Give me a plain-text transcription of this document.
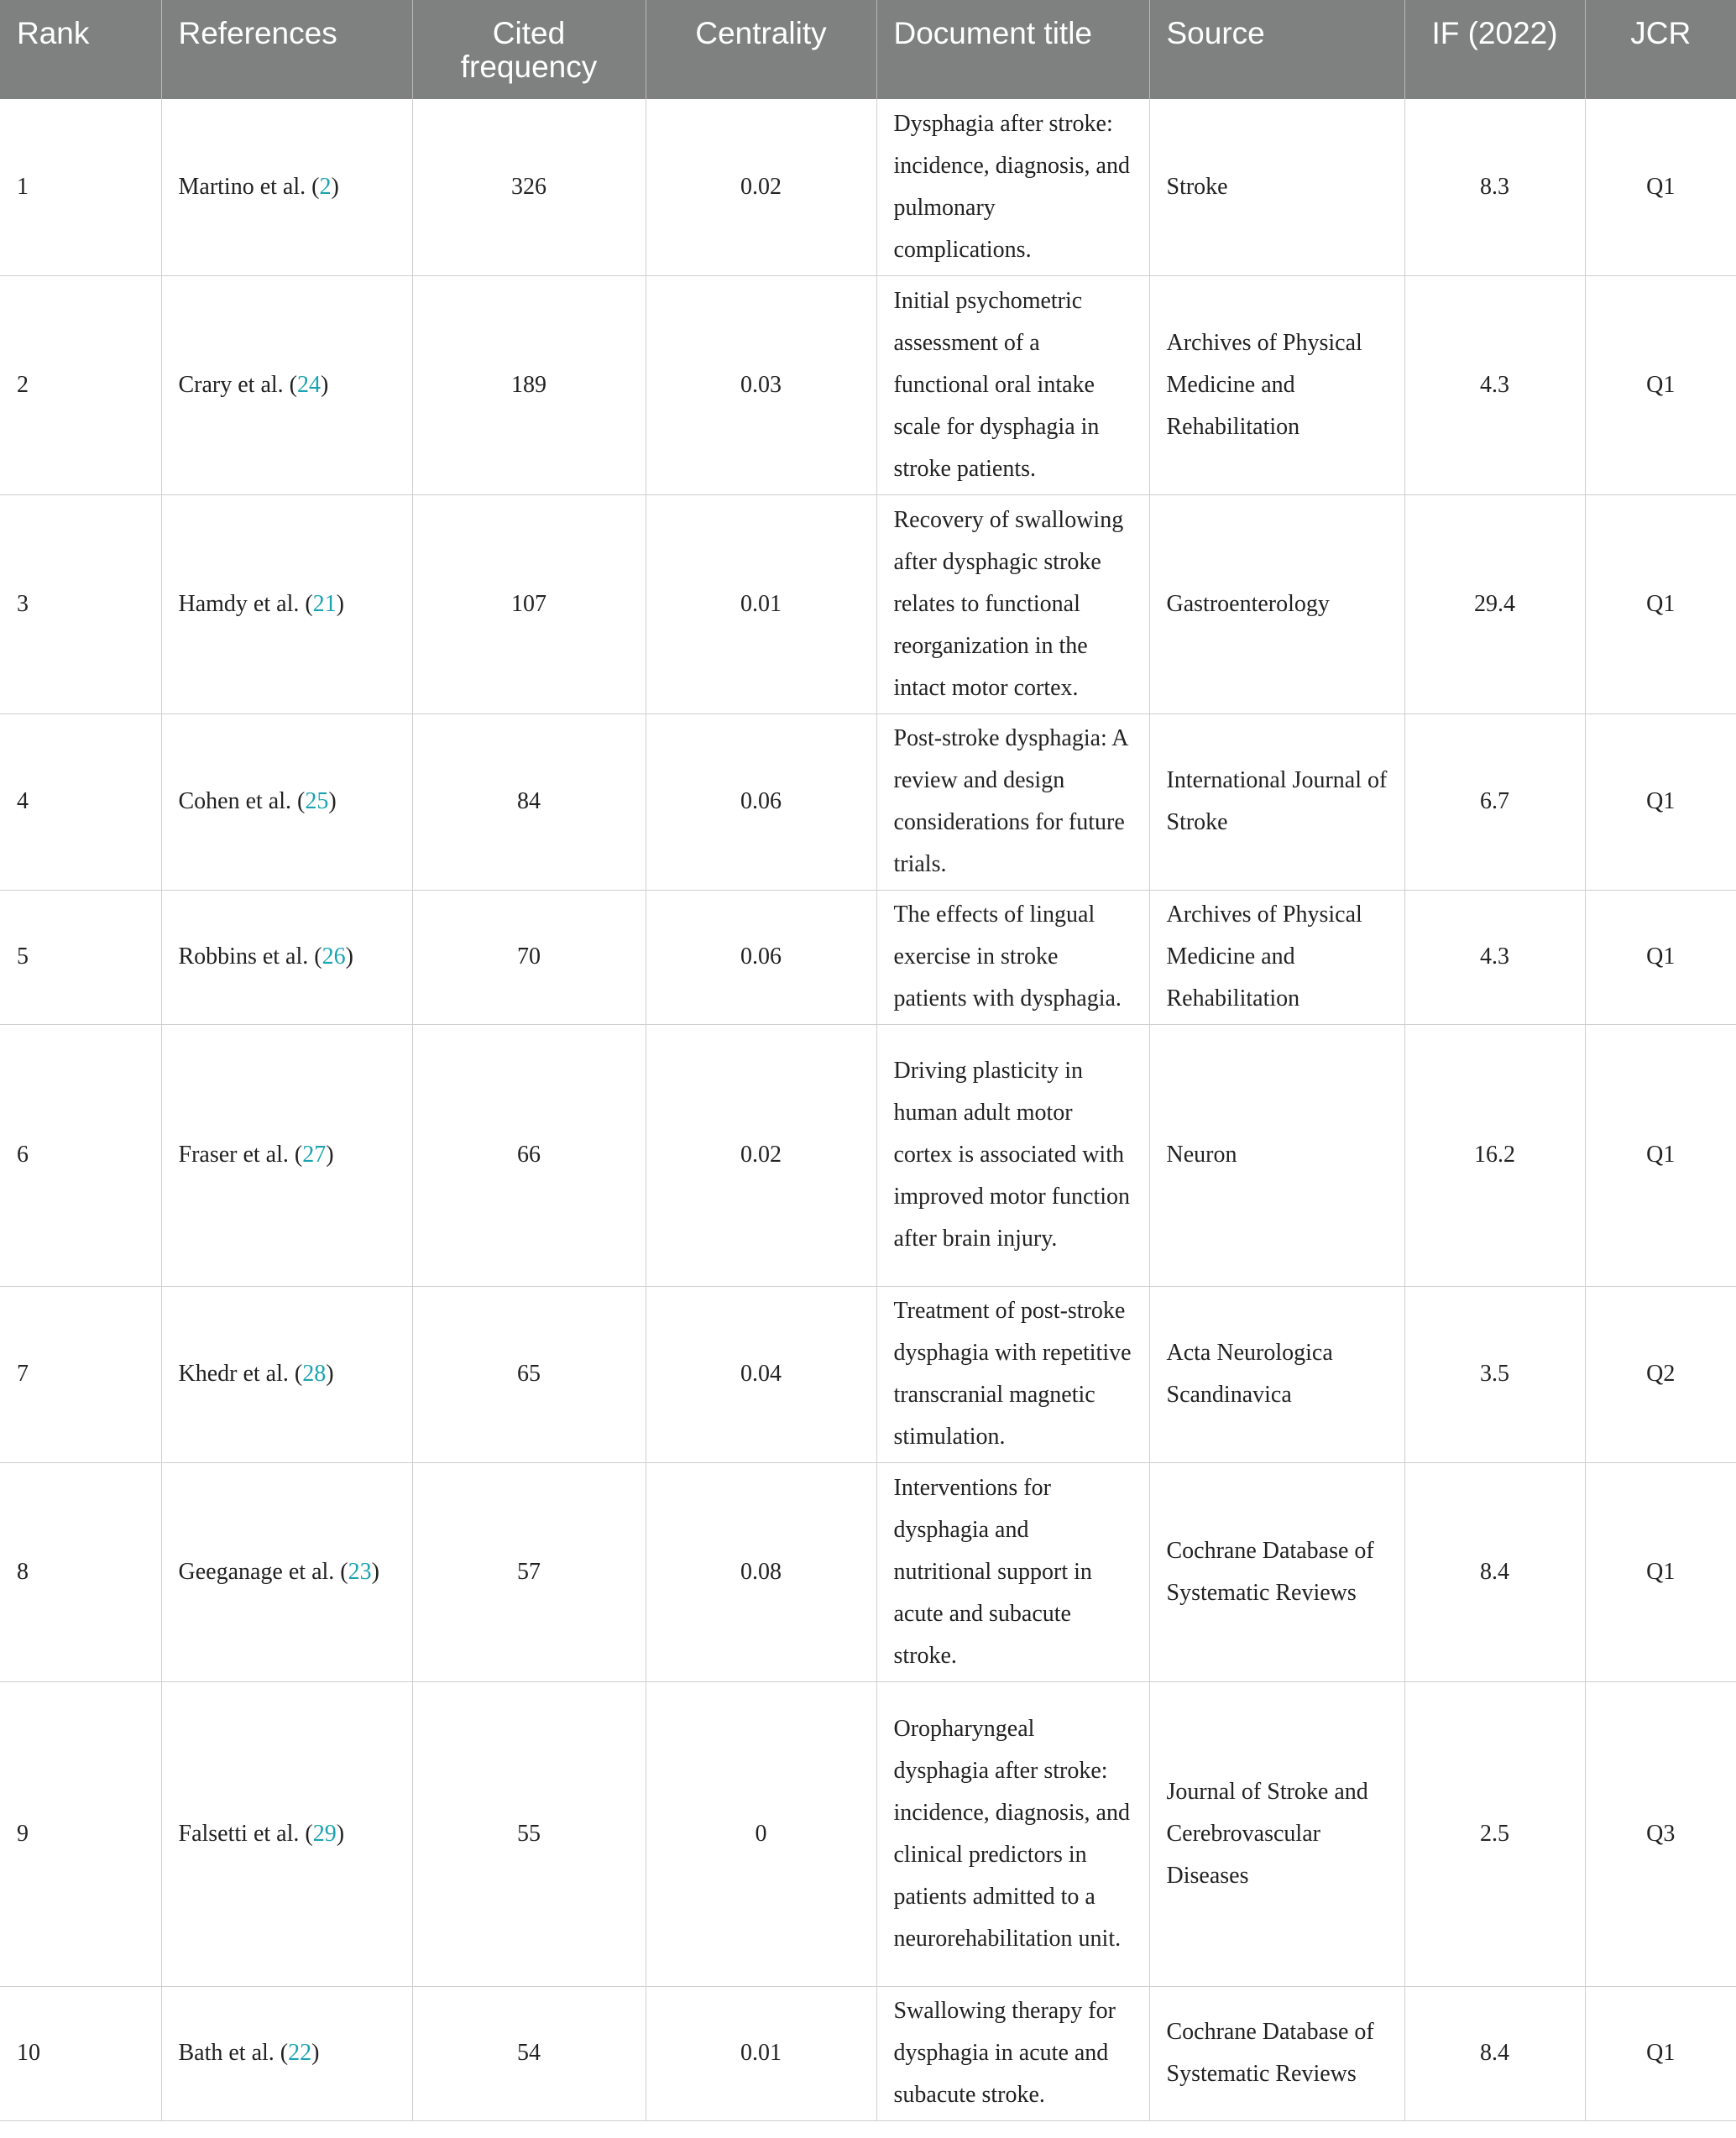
Rank	References	Cited frequency	Centrality	Document title	Source	IF (2022)	JCR
1	Martino et al. (2)	326	0.02	Dysphagia after stroke: incidence, diagnosis, and pulmonary complications.	Stroke	8.3	Q1
2	Crary et al. (24)	189	0.03	Initial psychometric assessment of a functional oral intake scale for dysphagia in stroke patients.	Archives of Physical Medicine and Rehabilitation	4.3	Q1
3	Hamdy et al. (21)	107	0.01	Recovery of swallowing after dysphagic stroke relates to functional reorganization in the intact motor cortex.	Gastroenterology	29.4	Q1
4	Cohen et al. (25)	84	0.06	Post-stroke dysphagia: A review and design considerations for future trials.	International Journal of Stroke	6.7	Q1
5	Robbins et al. (26)	70	0.06	The effects of lingual exercise in stroke patients with dysphagia.	Archives of Physical Medicine and Rehabilitation	4.3	Q1
6	Fraser et al. (27)	66	0.02	Driving plasticity in human adult motor cortex is associated with improved motor function after brain injury.	Neuron	16.2	Q1
7	Khedr et al. (28)	65	0.04	Treatment of post-stroke dysphagia with repetitive transcranial magnetic stimulation.	Acta Neurologica Scandinavica	3.5	Q2
8	Geeganage et al. (23)	57	0.08	Interventions for dysphagia and nutritional support in acute and subacute stroke.	Cochrane Database of Systematic Reviews	8.4	Q1
9	Falsetti et al. (29)	55	0	Oropharyngeal dysphagia after stroke: incidence, diagnosis, and clinical predictors in patients admitted to a neurorehabilitation unit.	Journal of Stroke and Cerebrovascular Diseases	2.5	Q3
10	Bath et al. (22)	54	0.01	Swallowing therapy for dysphagia in acute and subacute stroke.	Cochrane Database of Systematic Reviews	8.4	Q1
